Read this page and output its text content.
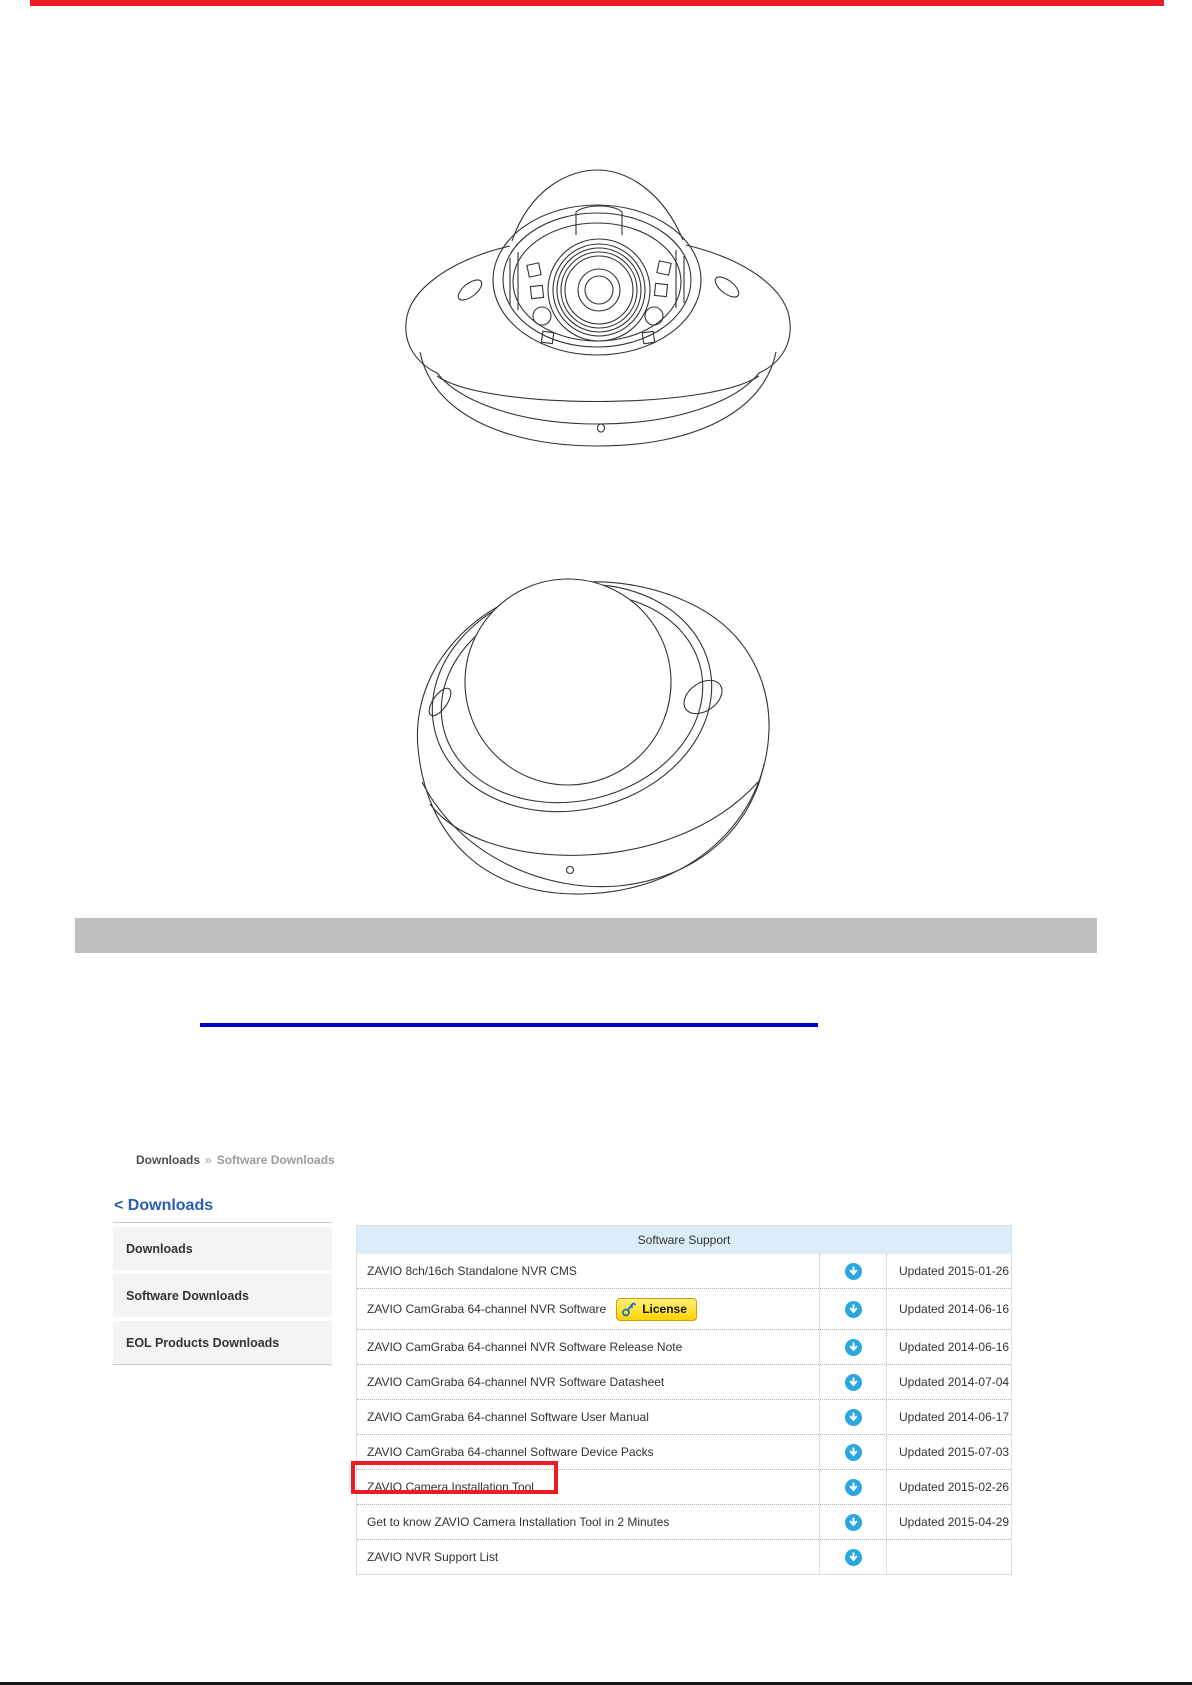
Downloads » Software Downloads
< Downloads
Downloads
Software Downloads
EOL Products Downloads
Software Support
ZAVIO 8ch/16ch Standalone NVR CMS	Updated 2015-01-26
ZAVIO CamGraba 64-channel NVR Software	License	Updated 2014-06-16
ZAVIO CamGraba 64-channel NVR Software Release Note	Updated 2014-06-16
ZAVIO CamGraba 64-channel NVR Software Datasheet	Updated 2014-07-04
ZAVIO CamGraba 64-channel Software User Manual	Updated 2014-06-17
ZAVIO CamGraba 64-channel Software Device Packs	Updated 2015-07-03
ZAVIO Camera Installation Tool	Updated 2015-02-26
Get to know ZAVIO Camera Installation Tool in 2 Minutes	Updated 2015-04-29
ZAVIO NVR Support List
